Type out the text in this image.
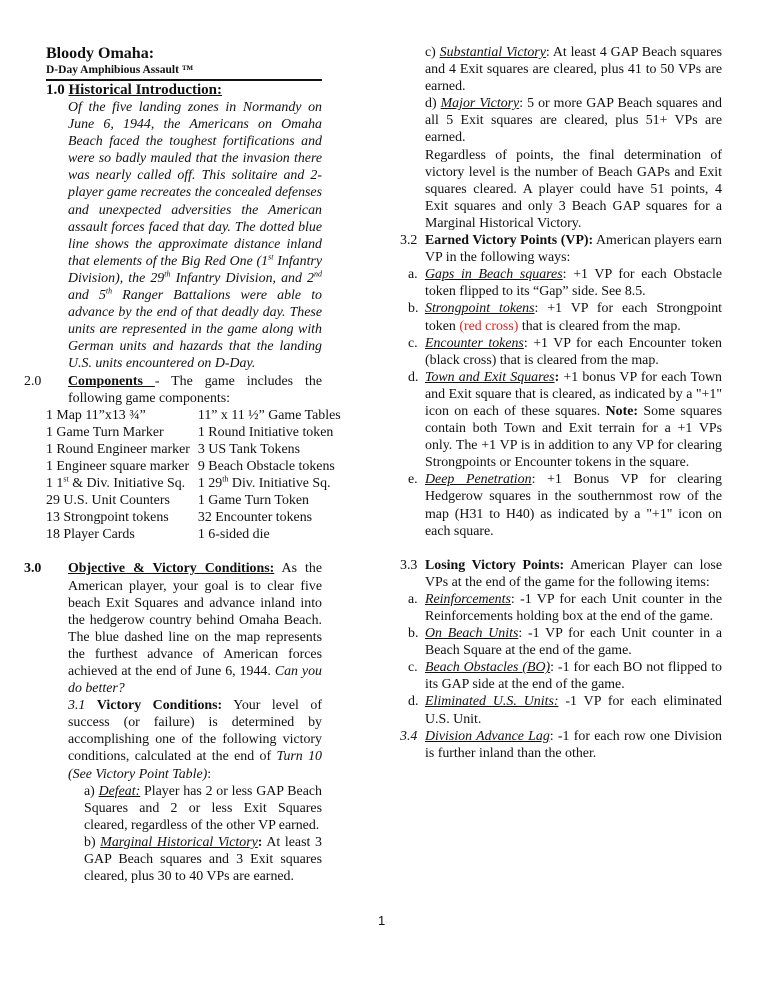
Bloody Omaha:
D-Day Amphibious Assault ™
1.0 Historical Introduction:
Of the five landing zones in Normandy on June 6, 1944, the Americans on Omaha Beach faced the toughest fortifications and were so badly mauled that the invasion there was nearly called off. This solitaire and 2-player game recreates the concealed defenses and unexpected adversities the American assault forces faced that day. The dotted blue line shows the approximate distance inland that elements of the Big Red One (1st Infantry Division), the 29th Infantry Division, and 2nd and 5th Ranger Battalions were able to advance by the end of that deadly day. These units are represented in the game along with German units and hazards that the landing U.S. units encountered on D-Day.
2.0 Components - The game includes the following game components:
1 Map 11”x13 ¾”	11” x 11 ½” Game Tables
1 Game Turn Marker	1 Round Initiative token
1 Round Engineer marker	3 US Tank Tokens
1 Engineer square marker	9 Beach Obstacle tokens
1 1st & Div. Initiative Sq.	1 29th Div. Initiative Sq.
29 U.S. Unit Counters	1 Game Turn Token
13 Strongpoint tokens	32 Encounter tokens
18 Player Cards	1 6-sided die
3.0 Objective & Victory Conditions: As the American player, your goal is to clear five beach Exit Squares and advance inland into the hedgerow country behind Omaha Beach. The blue dashed line on the map represents the furthest advance of American forces achieved at the end of June 6, 1944. Can you do better?
3.1 Victory Conditions: Your level of success (or failure) is determined by accomplishing one of the following victory conditions, calculated at the end of Turn 10 (See Victory Point Table):
a) Defeat: Player has 2 or less GAP Beach Squares and 2 or less Exit Squares cleared, regardless of the other VP earned.
b) Marginal Historical Victory: At least 3 GAP Beach squares and 3 Exit squares cleared, plus 30 to 40 VPs are earned.
c) Substantial Victory: At least 4 GAP Beach squares and 4 Exit squares are cleared, plus 41 to 50 VPs are earned.
d) Major Victory: 5 or more GAP Beach squares and all 5 Exit squares are cleared, plus 51+ VPs are earned.
Regardless of points, the final determination of victory level is the number of Beach GAPs and Exit squares cleared. A player could have 51 points, 4 Exit squares and only 3 Beach GAP squares for a Marginal Historical Victory.
3.2 Earned Victory Points (VP): American players earn VP in the following ways:
a. Gaps in Beach squares: +1 VP for each Obstacle token flipped to its “Gap” side. See 8.5.
b. Strongpoint tokens: +1 VP for each Strongpoint token (red cross) that is cleared from the map.
c. Encounter tokens: +1 VP for each Encounter token (black cross) that is cleared from the map.
d. Town and Exit Squares: +1 bonus VP for each Town and Exit square that is cleared, as indicated by a "+1" icon on each of these squares. Note: Some squares contain both Town and Exit terrain for a +1 VPs only. The +1 VP is in addition to any VP for clearing Strongpoints or Encounter tokens in the square.
e. Deep Penetration: +1 Bonus VP for clearing Hedgerow squares in the southernmost row of the map (H31 to H40) as indicated by a "+1" icon on each square.
3.3 Losing Victory Points: American Player can lose VPs at the end of the game for the following items:
a. Reinforcements: -1 VP for each Unit counter in the Reinforcements holding box at the end of the game.
b. On Beach Units: -1 VP for each Unit counter in a Beach Square at the end of the game.
c. Beach Obstacles (BO): -1 for each BO not flipped to its GAP side at the end of the game.
d. Eliminated U.S. Units: -1 VP for each eliminated U.S. Unit.
3.4 Division Advance Lag: -1 for each row one Division is further inland than the other.
1
